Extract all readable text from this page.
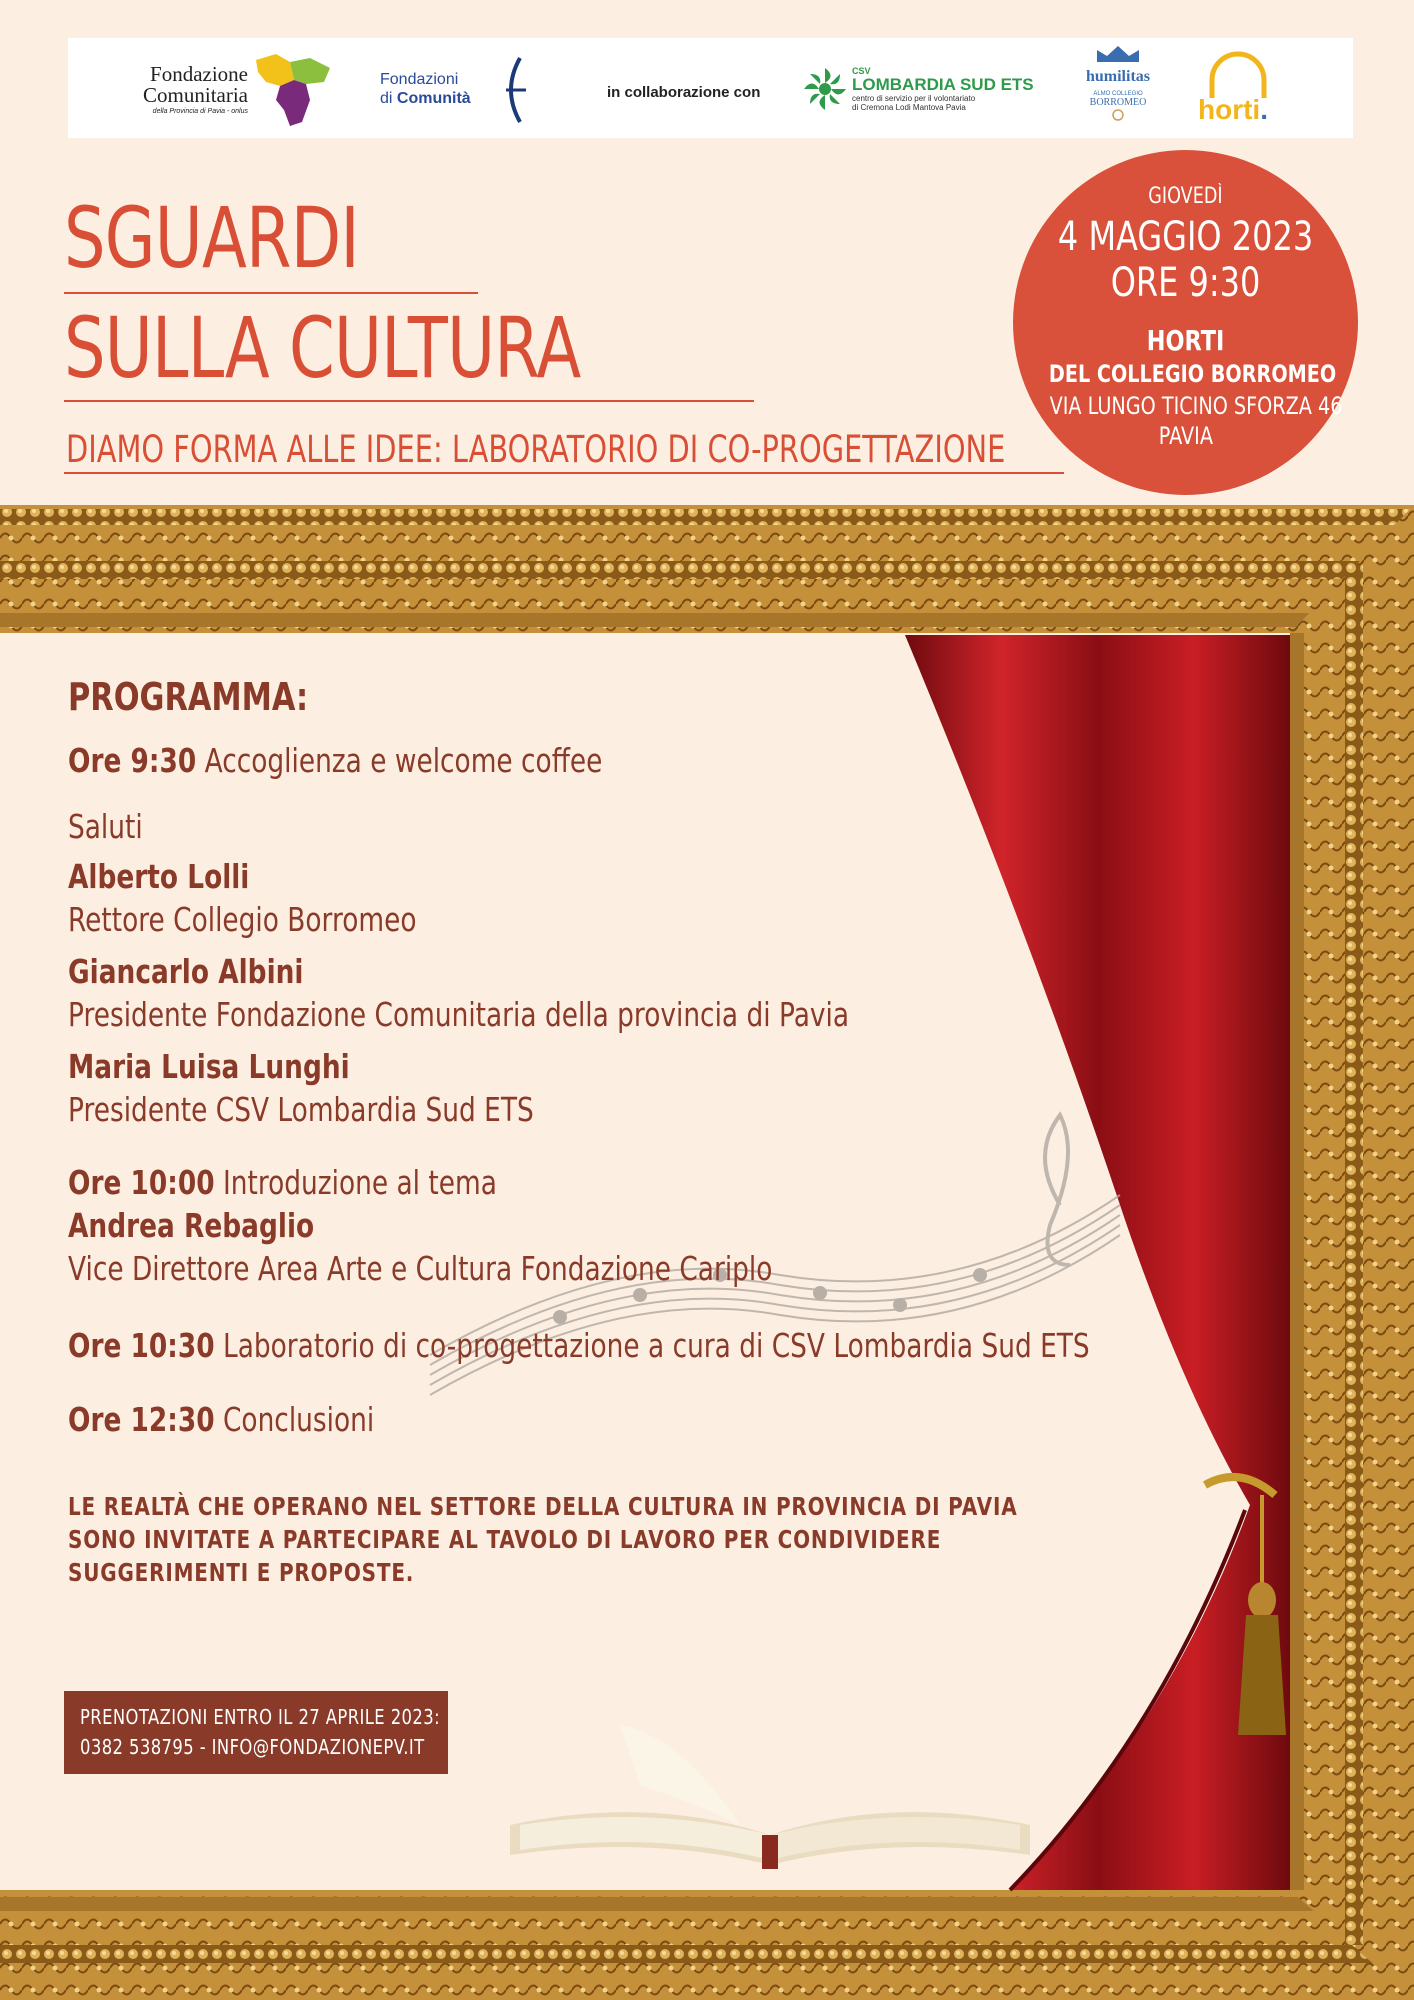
Fondazione
Comunitaria
della Provincia di Pavia - onlus
Fondazioni
di Comunità	in collaborazione con
CSV
LOMBARDIA SUD ETS
centro di servizio per il volontariato
di Cremona Lodi Mantova Pavia
humilitas
ALMO COLLEGIO
BORROMEO	horti.
SGUARDI
SULLA CULTURA
DIAMO FORMA ALLE IDEE: LABORATORIO DI CO-PROGETTAZIONE
GIOVEDÌ
4 MAGGIO 2023
ORE 9:30
HORTI
DEL COLLEGIO BORROMEO
VIA LUNGO TICINO SFORZA 46
PAVIA
PROGRAMMA:
Ore 9:30 Accoglienza e welcome coffee
Saluti
Alberto Lolli
Rettore Collegio Borromeo
Giancarlo Albini
Presidente Fondazione Comunitaria della provincia di Pavia
Maria Luisa Lunghi
Presidente CSV Lombardia Sud ETS
Ore 10:00 Introduzione al tema
Andrea Rebaglio
Vice Direttore Area Arte e Cultura Fondazione Cariplo
Ore 10:30 Laboratorio di co-progettazione a cura di CSV Lombardia Sud ETS
Ore 12:30 Conclusioni
LE REALTÀ CHE OPERANO NEL SETTORE DELLA CULTURA IN PROVINCIA DI PAVIA
SONO INVITATE A PARTECIPARE AL TAVOLO DI LAVORO PER CONDIVIDERE
SUGGERIMENTI E PROPOSTE.
PRENOTAZIONI ENTRO IL 27 APRILE 2023:
0382 538795 - INFO@FONDAZIONEPV.IT
